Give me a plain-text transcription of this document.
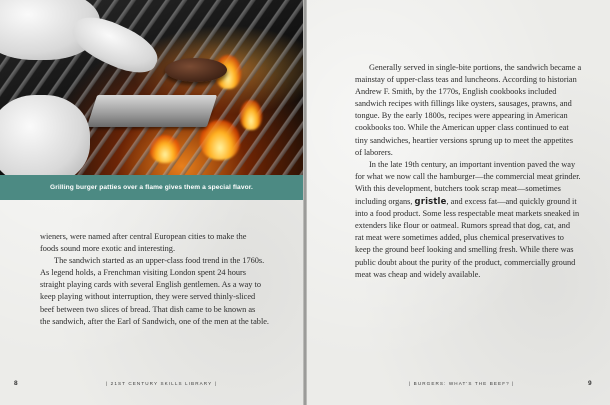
Grilling burger patties over a flame gives them a special flavor.

wieners, were named after central European cities to make the
foods sound more exotic and interesting.

The sandwich started as an upper-class food trend in the 1760s.
As legend holds, a Frenchman visiting London spent 24 hours
straight playing cards with several English gentlemen. As a way to
keep playing without interruption, they were served thinly-sliced
beef between two slices of bread. That dish came to be known as
the sandwich, after the Earl of Sandwich, one of the men at the table.

8	| 21ST CENTURY SKILLS LIBRARY |

Generally served in single-bite portions, the sandwich became a
mainstay of upper-class teas and luncheons. According to historian
Andrew F. Smith, by the 1770s, English cookbooks included
sandwich recipes with fillings like oysters, sausages, prawns, and
tongue. By the early 1800s, recipes were appearing in American
cookbooks too. While the American upper class continued to eat
tiny sandwiches, heartier versions sprung up to meet the appetites
of laborers.

In the late 19th century, an important invention paved the way
for what we now call the hamburger—the commercial meat grinder.
With this development, butchers took scrap meat—sometimes
including organs, gristle, and excess fat—and quickly ground it
into a food product. Some less respectable meat markets sneaked in
extenders like flour or oatmeal. Rumors spread that dog, cat, and
rat meat were sometimes added, plus chemical preservatives to
keep the ground beef looking and smelling fresh. While there was
public doubt about the purity of the product, commercially ground
meat was cheap and widely available.

| BURGERS: WHAT'S THE BEEF? |	9
